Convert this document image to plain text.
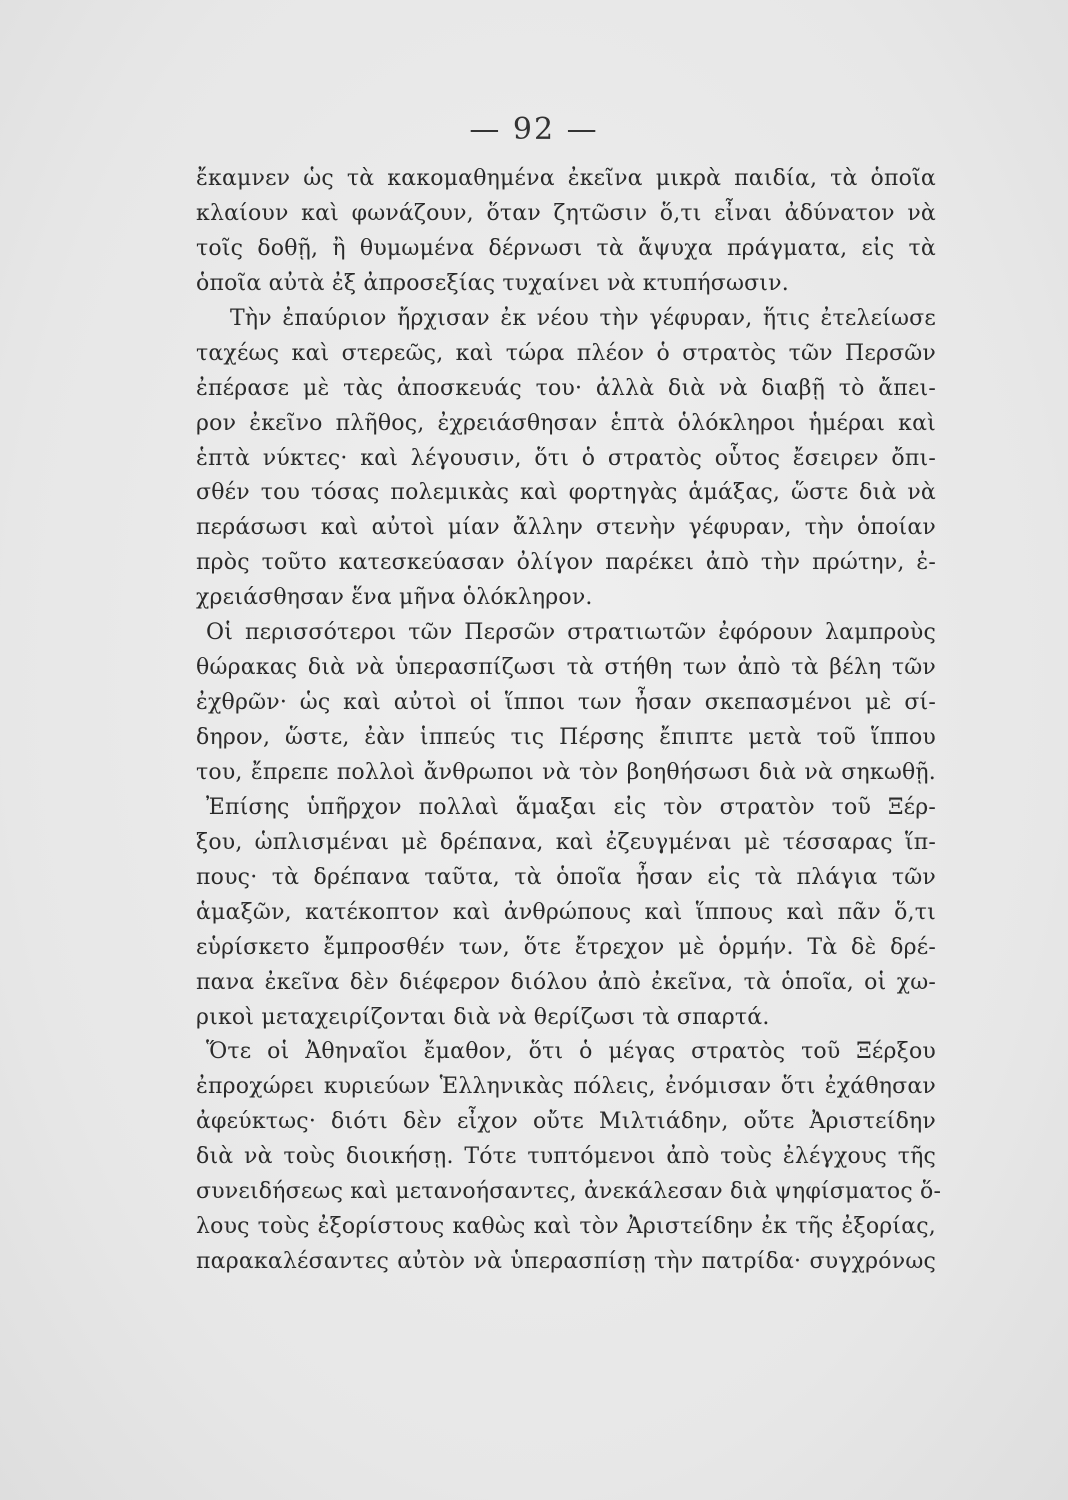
— 92 —
ἔκαμνεν ὡς τὰ κακομαθημένα ἐκεῖνα μικρὰ παιδία, τὰ ὁποῖα
κλαίουν καὶ φωνάζουν, ὅταν ζητῶσιν ὅ,τι εἶναι ἀδύνατον νὰ
τοῖς δοθῇ, ἢ θυμωμένα δέρνωσι τὰ ἄψυχα πράγματα, εἰς τὰ
ὁποῖα αὐτὰ ἐξ ἀπροσεξίας τυχαίνει νὰ κτυπήσωσιν.
Τὴν ἐπαύριον ἤρχισαν ἐκ νέου τὴν γέφυραν, ἥτις ἐτελείωσε
ταχέως καὶ στερεῶς, καὶ τώρα πλέον ὁ στρατὸς τῶν Περσῶν
ἐπέρασε μὲ τὰς ἀποσκευάς του· ἀλλὰ διὰ νὰ διαβῇ τὸ ἄπει-
ρον ἐκεῖνο πλῆθος, ἐχρειάσθησαν ἑπτὰ ὁλόκληροι ἡμέραι καὶ
ἑπτὰ νύκτες· καὶ λέγουσιν, ὅτι ὁ στρατὸς οὗτος ἔσειρεν ὄπι-
σθέν του τόσας πολεμικὰς καὶ φορτηγὰς ἁμάξας, ὥστε διὰ νὰ
περάσωσι καὶ αὐτοὶ μίαν ἄλλην στενὴν γέφυραν, τὴν ὁποίαν
πρὸς τοῦτο κατεσκεύασαν ὀλίγον παρέκει ἀπὸ τὴν πρώτην, ἐ-
χρειάσθησαν ἕνα μῆνα ὁλόκληρον.
Οἱ περισσότεροι τῶν Περσῶν στρατιωτῶν ἐφόρουν λαμπροὺς
θώρακας διὰ νὰ ὑπερασπίζωσι τὰ στήθη των ἀπὸ τὰ βέλη τῶν
ἐχθρῶν· ὡς καὶ αὐτοὶ οἱ ἵπποι των ἦσαν σκεπασμένοι μὲ σί-
δηρον, ὥστε, ἐὰν ἱππεύς τις Πέρσης ἔπιπτε μετὰ τοῦ ἵππου
του, ἔπρεπε πολλοὶ ἄνθρωποι νὰ τὸν βοηθήσωσι διὰ νὰ σηκωθῇ.
Ἐπίσης ὑπῆρχον πολλαὶ ἅμαξαι εἰς τὸν στρατὸν τοῦ Ξέρ-
ξου, ὡπλισμέναι μὲ δρέπανα, καὶ ἐζευγμέναι μὲ τέσσαρας ἵπ-
πους· τὰ δρέπανα ταῦτα, τὰ ὁποῖα ἦσαν εἰς τὰ πλάγια τῶν
ἁμαξῶν, κατέκοπτον καὶ ἀνθρώπους καὶ ἵππους καὶ πᾶν ὅ,τι
εὑρίσκετο ἔμπροσθέν των, ὅτε ἔτρεχον μὲ ὁρμήν. Τὰ δὲ δρέ-
πανα ἐκεῖνα δὲν διέφερον διόλου ἀπὸ ἐκεῖνα, τὰ ὁποῖα, οἱ χω-
ρικοὶ μεταχειρίζονται διὰ νὰ θερίζωσι τὰ σπαρτά.
Ὅτε οἱ Ἀθηναῖοι ἔμαθον, ὅτι ὁ μέγας στρατὸς τοῦ Ξέρξου
ἐπροχώρει κυριεύων Ἑλληνικὰς πόλεις, ἐνόμισαν ὅτι ἐχάθησαν
ἀφεύκτως· διότι δὲν εἶχον οὔτε Μιλτιάδην, οὔτε Ἀριστείδην
διὰ νὰ τοὺς διοικήσῃ. Τότε τυπτόμενοι ἀπὸ τοὺς ἐλέγχους τῆς
συνειδήσεως καὶ μετανοήσαντες, ἀνεκάλεσαν διὰ ψηφίσματος ὅ-
λους τοὺς ἐξορίστους καθὼς καὶ τὸν Ἀριστείδην ἐκ τῆς ἐξορίας,
παρακαλέσαντες αὐτὸν νὰ ὑπερασπίσῃ τὴν πατρίδα· συγχρόνως
